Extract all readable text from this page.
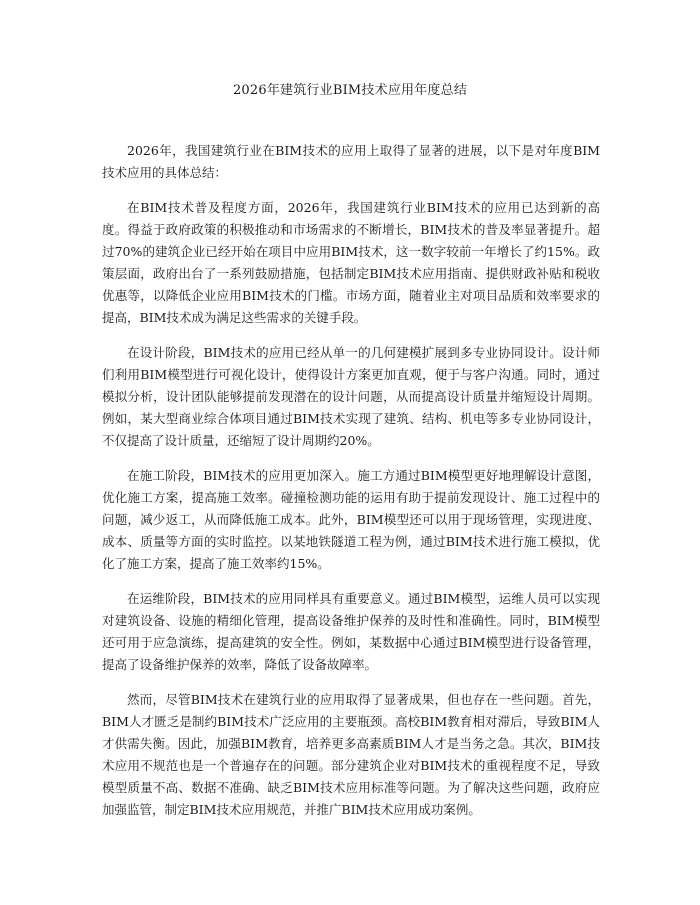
2026年建筑行业BIM技术应用年度总结

2026年，我国建筑行业在BIM技术的应用上取得了显著的进展，以下是对年度BIM技术应用的具体总结：

在BIM技术普及程度方面，2026年，我国建筑行业BIM技术的应用已达到新的高度。得益于政府政策的积极推动和市场需求的不断增长，BIM技术的普及率显著提升。超过70%的建筑企业已经开始在项目中应用BIM技术，这一数字较前一年增长了约15%。政策层面，政府出台了一系列鼓励措施，包括制定BIM技术应用指南、提供财政补贴和税收优惠等，以降低企业应用BIM技术的门槛。市场方面，随着业主对项目品质和效率要求的提高，BIM技术成为满足这些需求的关键手段。

在设计阶段，BIM技术的应用已经从单一的几何建模扩展到多专业协同设计。设计师们利用BIM模型进行可视化设计，使得设计方案更加直观，便于与客户沟通。同时，通过模拟分析，设计团队能够提前发现潜在的设计问题，从而提高设计质量并缩短设计周期。例如，某大型商业综合体项目通过BIM技术实现了建筑、结构、机电等多专业协同设计，不仅提高了设计质量，还缩短了设计周期约20%。

在施工阶段，BIM技术的应用更加深入。施工方通过BIM模型更好地理解设计意图，优化施工方案，提高施工效率。碰撞检测功能的运用有助于提前发现设计、施工过程中的问题，减少返工，从而降低施工成本。此外，BIM模型还可以用于现场管理，实现进度、成本、质量等方面的实时监控。以某地铁隧道工程为例，通过BIM技术进行施工模拟，优化了施工方案，提高了施工效率约15%。

在运维阶段，BIM技术的应用同样具有重要意义。通过BIM模型，运维人员可以实现对建筑设备、设施的精细化管理，提高设备维护保养的及时性和准确性。同时，BIM模型还可用于应急演练，提高建筑的安全性。例如，某数据中心通过BIM模型进行设备管理，提高了设备维护保养的效率，降低了设备故障率。

然而，尽管BIM技术在建筑行业的应用取得了显著成果，但也存在一些问题。首先，BIM人才匮乏是制约BIM技术广泛应用的主要瓶颈。高校BIM教育相对滞后，导致BIM人才供需失衡。因此，加强BIM教育，培养更多高素质BIM人才是当务之急。其次，BIM技术应用不规范也是一个普遍存在的问题。部分建筑企业对BIM技术的重视程度不足，导致模型质量不高、数据不准确、缺乏BIM技术应用标准等问题。为了解决这些问题，政府应加强监管，制定BIM技术应用规范，并推广BIM技术应用成功案例。
